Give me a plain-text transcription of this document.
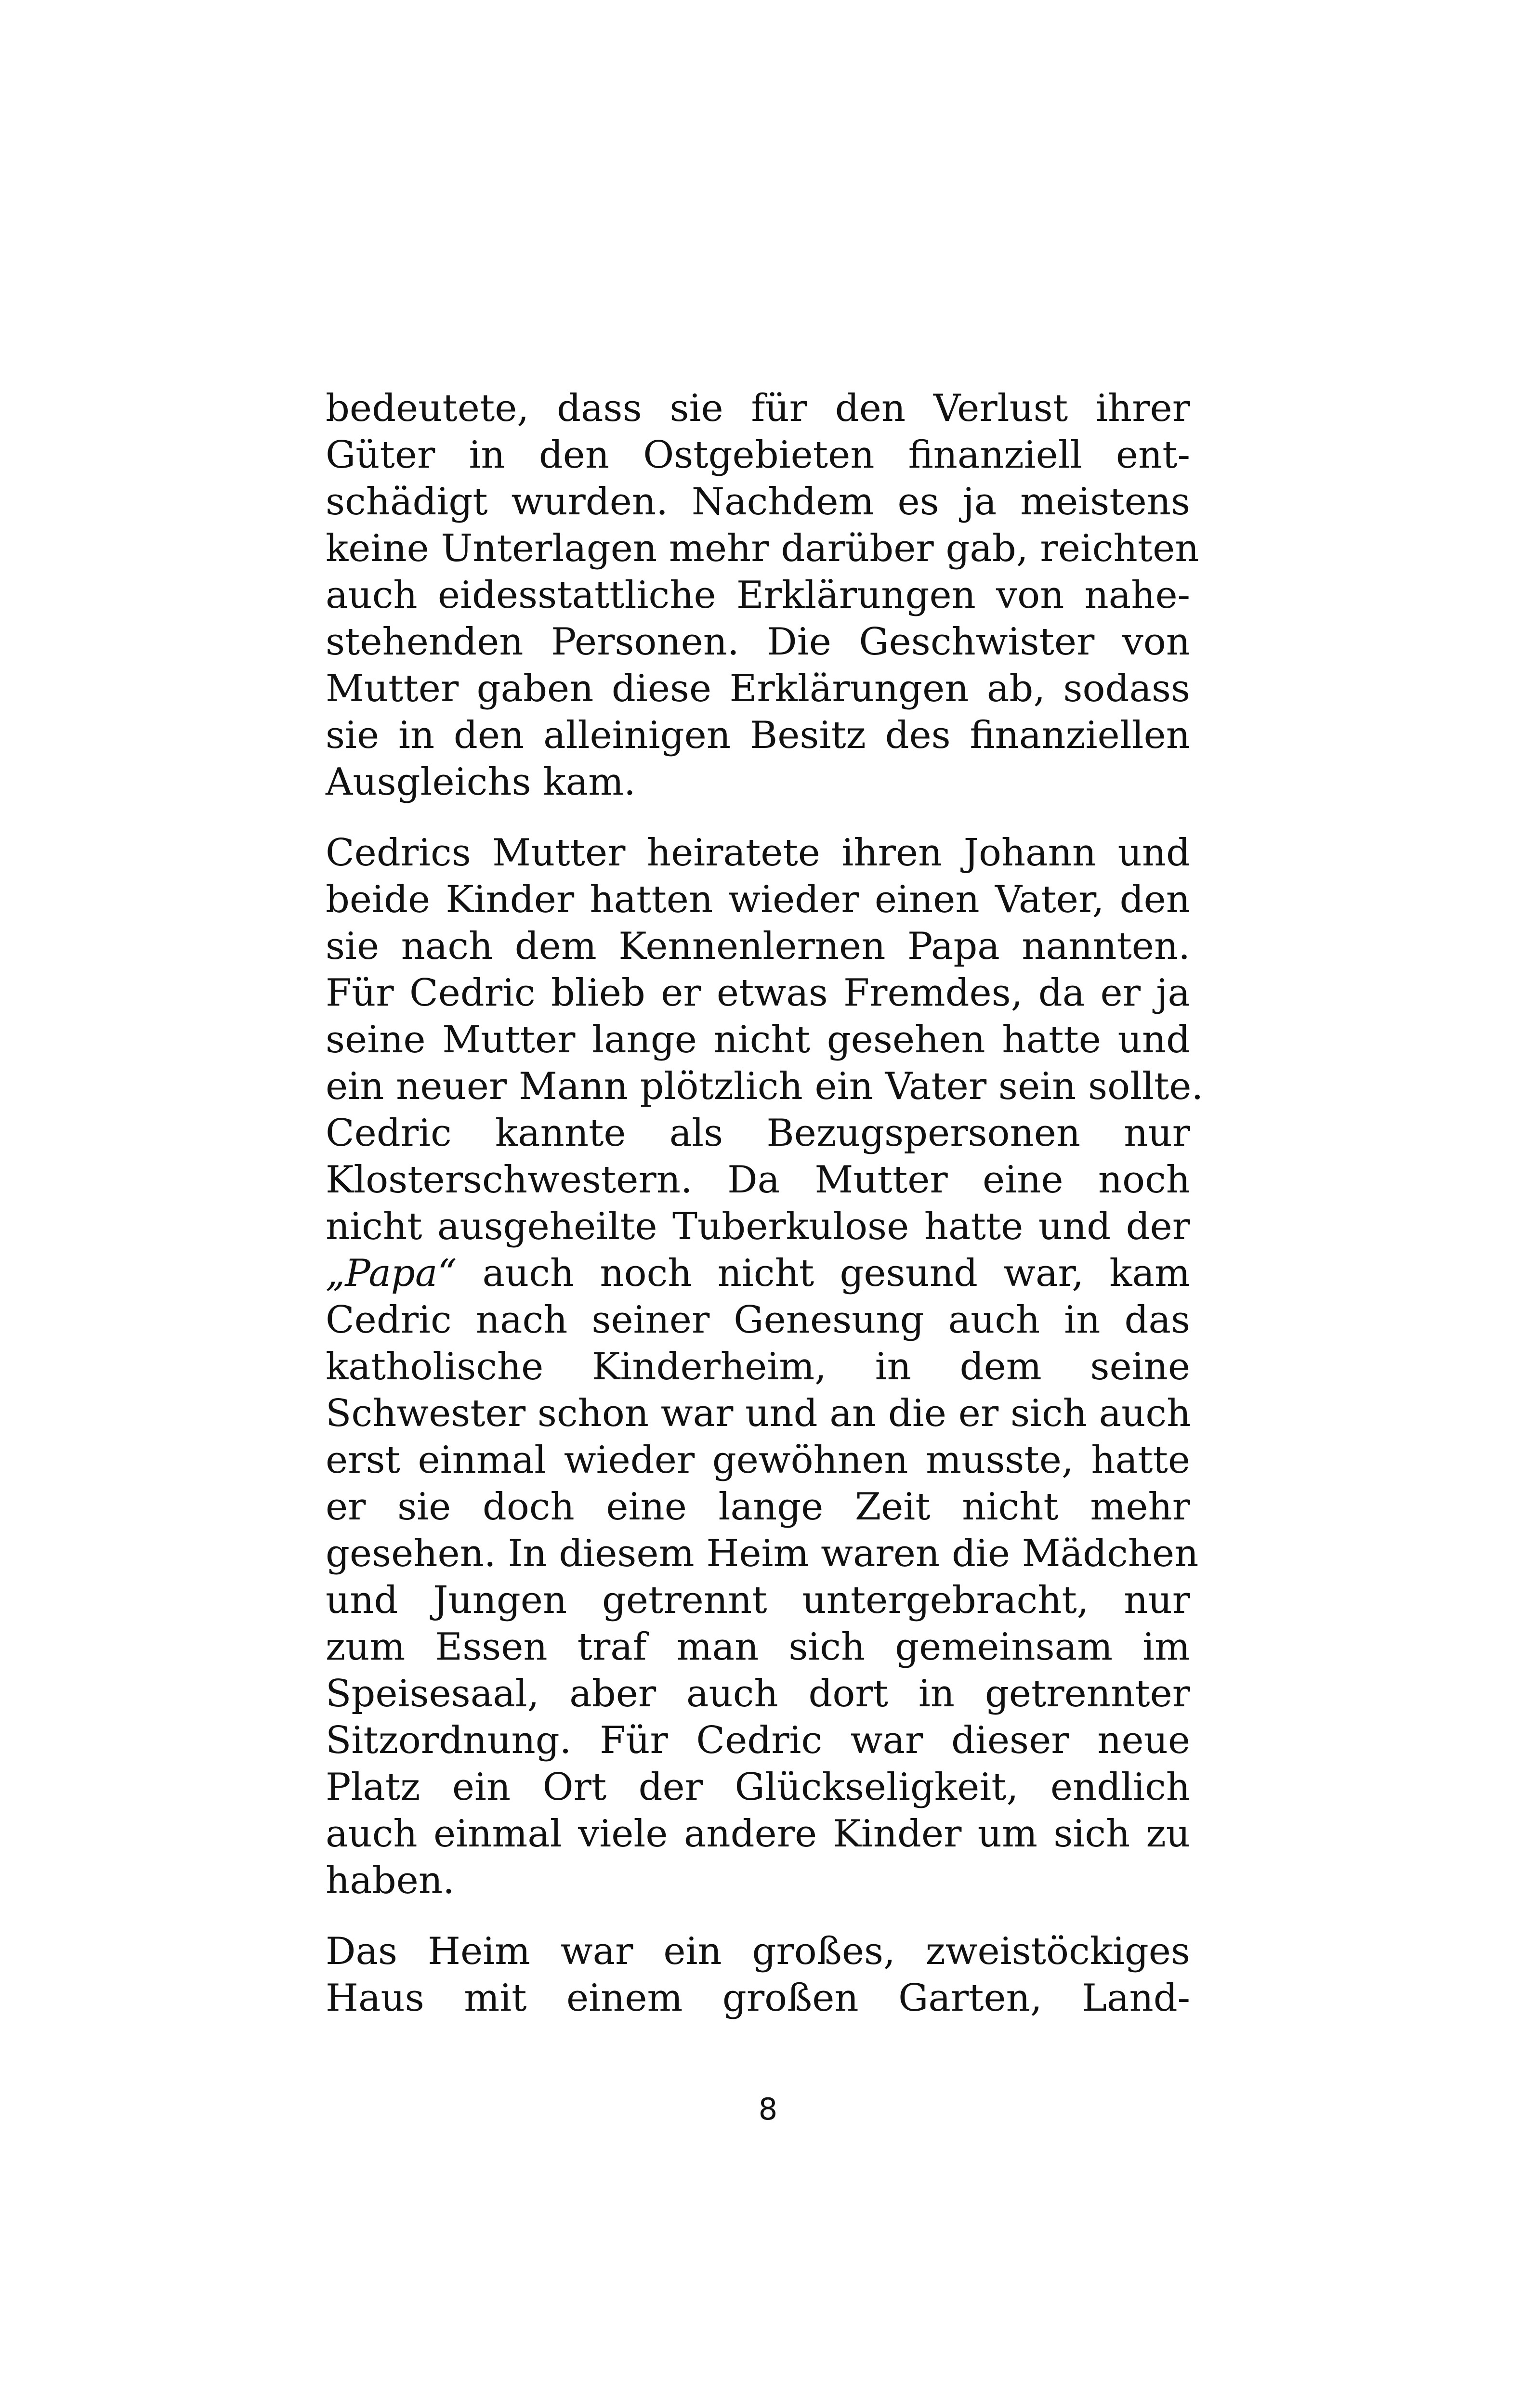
bedeutete, dass sie für den Verlust ihrer
Güter in den Ostgebieten finanziell ent-
schädigt wurden. Nachdem es ja meistens
keine Unterlagen mehr darüber gab, reichten
auch eidesstattliche Erklärungen von nahe-
stehenden Personen. Die Geschwister von
Mutter gaben diese Erklärungen ab, sodass
sie in den alleinigen Besitz des finanziellen
Ausgleichs kam.
Cedrics Mutter heiratete ihren Johann und
beide Kinder hatten wieder einen Vater, den
sie nach dem Kennenlernen Papa nannten.
Für Cedric blieb er etwas Fremdes, da er ja
seine Mutter lange nicht gesehen hatte und
ein neuer Mann plötzlich ein Vater sein sollte.
Cedric kannte als Bezugspersonen nur
Klosterschwestern. Da Mutter eine noch
nicht ausgeheilte Tuberkulose hatte und der
„Papa“ auch noch nicht gesund war, kam
Cedric nach seiner Genesung auch in das
katholische Kinderheim, in dem seine
Schwester schon war und an die er sich auch
erst einmal wieder gewöhnen musste, hatte
er sie doch eine lange Zeit nicht mehr
gesehen. In diesem Heim waren die Mädchen
und Jungen getrennt untergebracht, nur
zum Essen traf man sich gemeinsam im
Speisesaal, aber auch dort in getrennter
Sitzordnung. Für Cedric war dieser neue
Platz ein Ort der Glückseligkeit, endlich
auch einmal viele andere Kinder um sich zu
haben.
Das Heim war ein großes, zweistöckiges
Haus mit einem großen Garten, Land-
8
